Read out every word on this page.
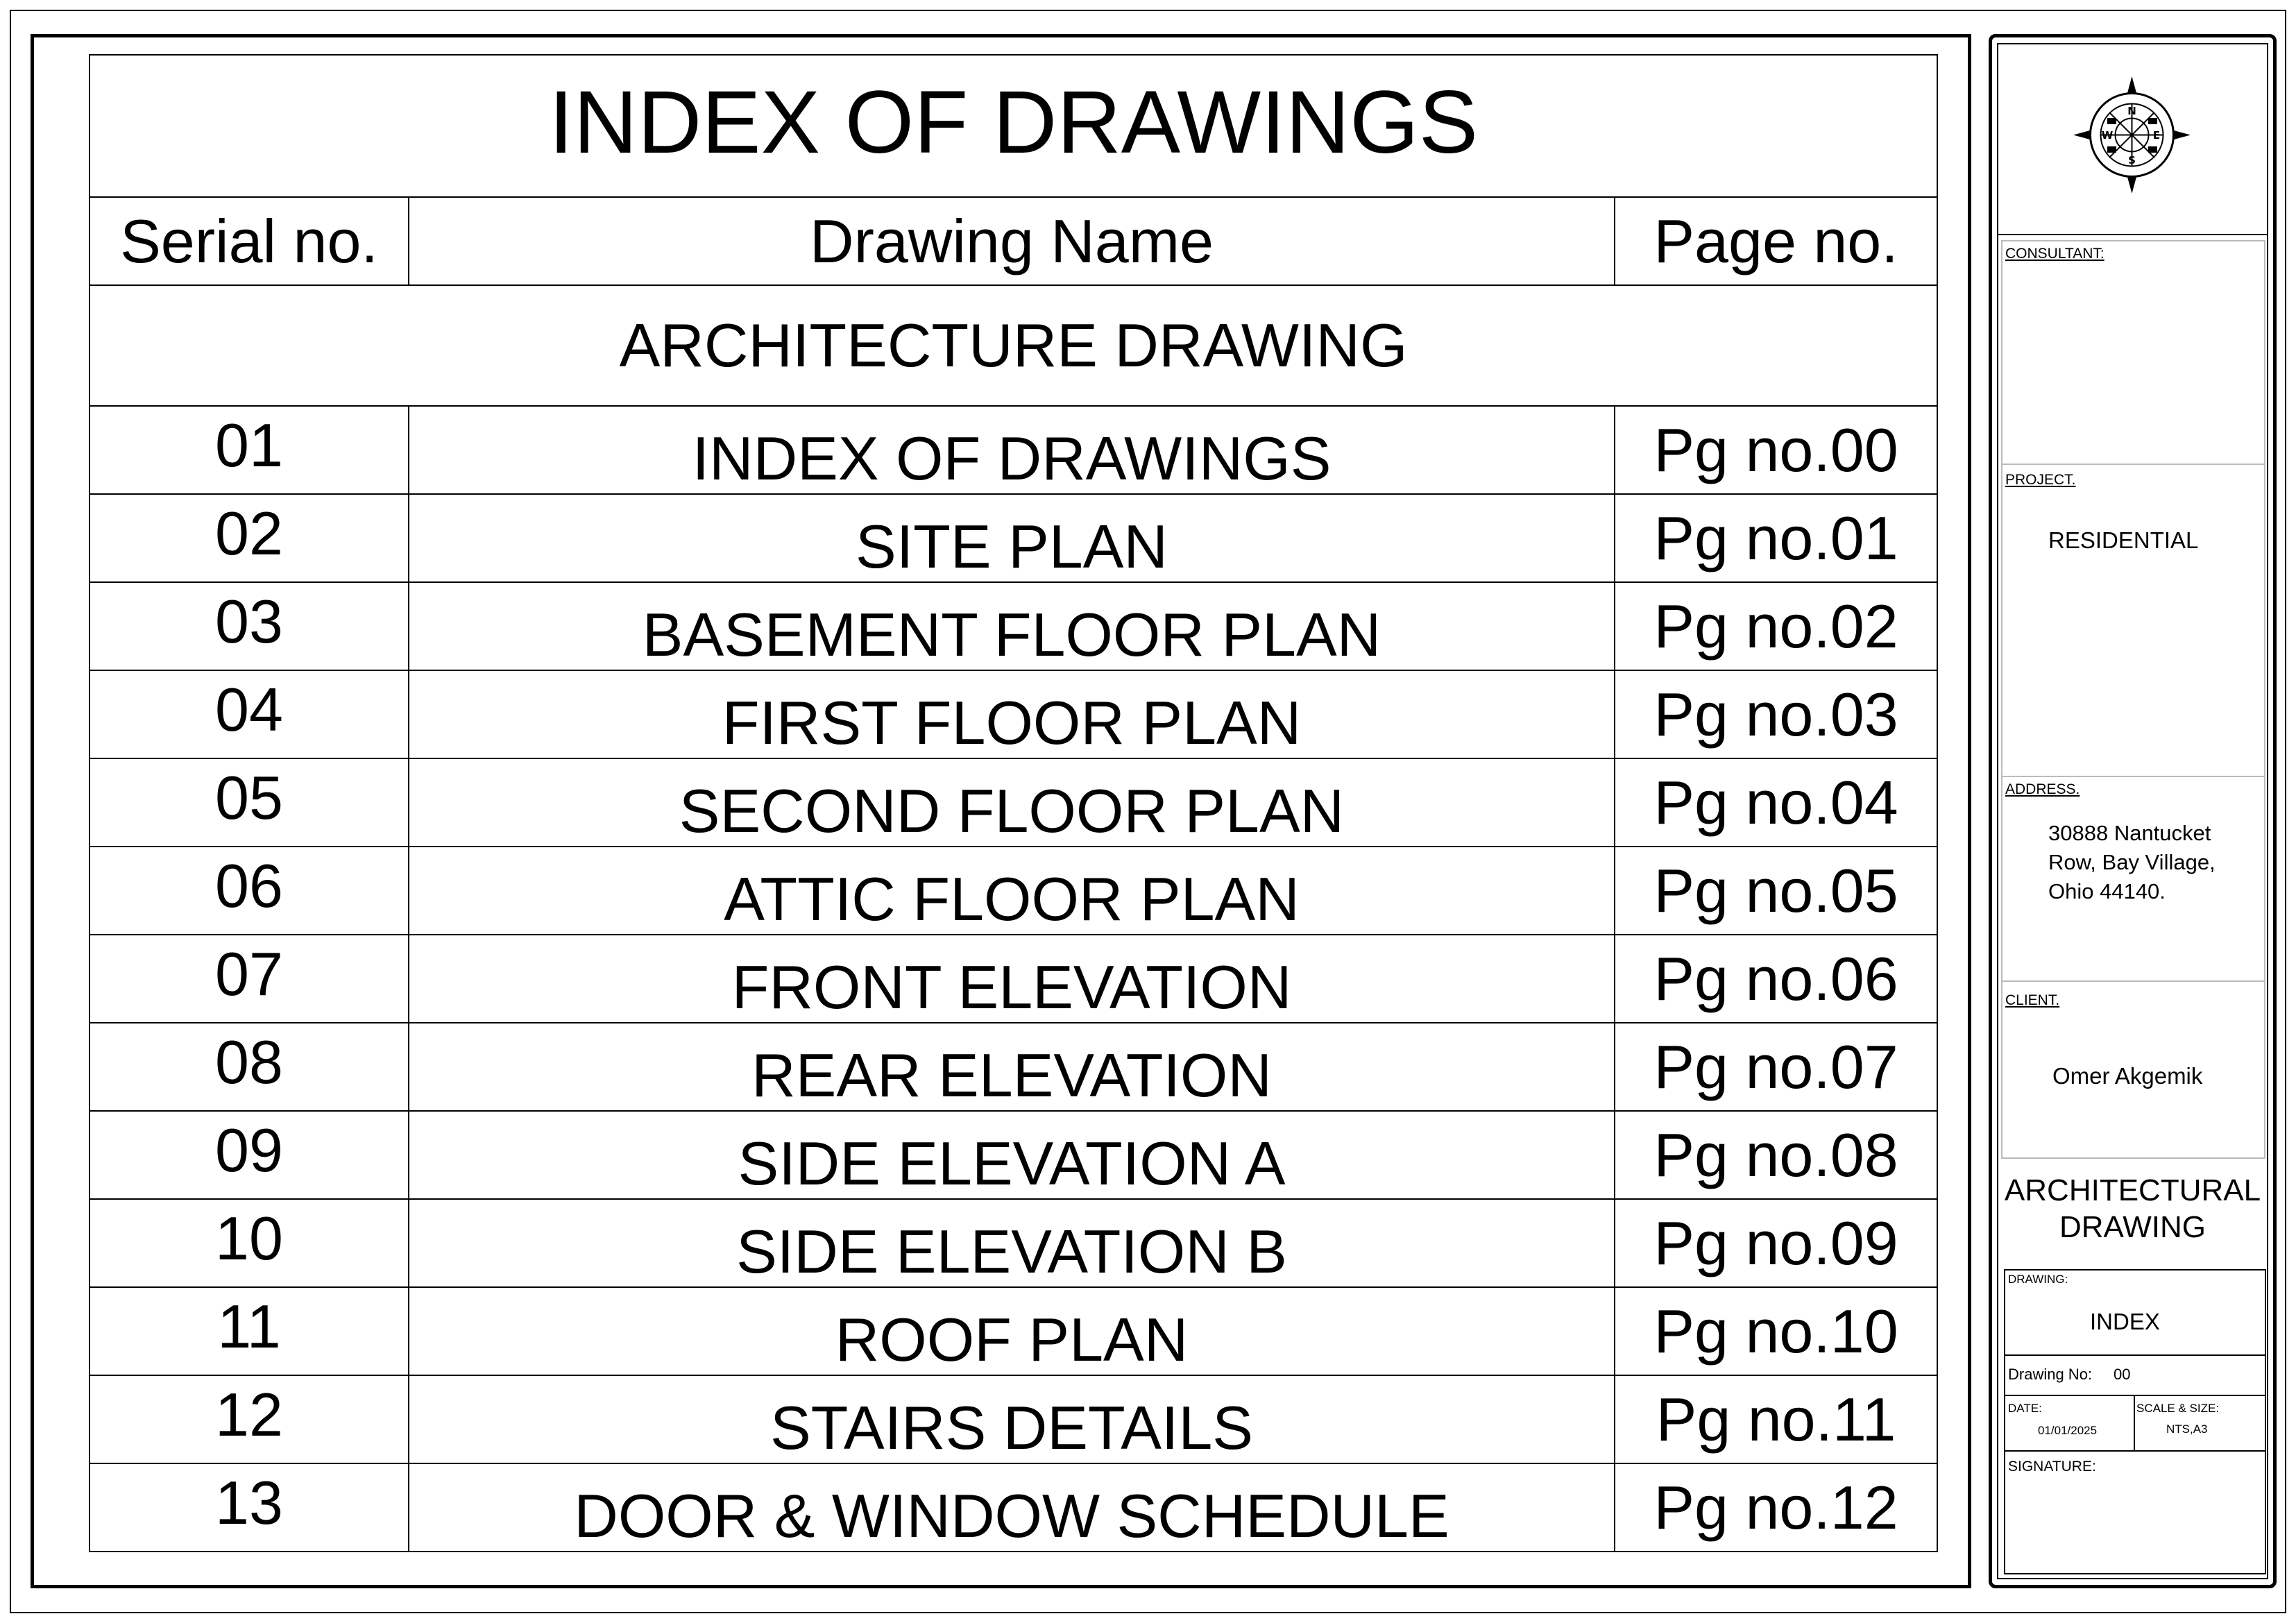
INDEX OF DRAWINGS		
Serial no.	Drawing Name	Page no.
ARCHITECTURE DRAWING		
01	INDEX OF DRAWINGS	Pg no.00
02	SITE PLAN	Pg no.01
03	BASEMENT FLOOR PLAN	Pg no.02
04	FIRST FLOOR PLAN	Pg no.03
05	SECOND FLOOR PLAN	Pg no.04
06	ATTIC FLOOR PLAN	Pg no.05
07	FRONT ELEVATION	Pg no.06
08	REAR ELEVATION	Pg no.07
09	SIDE ELEVATION A	Pg no.08
10	SIDE ELEVATION B	Pg no.09
11	ROOF PLAN	Pg no.10
12	STAIRS DETAILS	Pg no.11
13	DOOR & WINDOW SCHEDULE	Pg no.12
N
S
E
W
CONSULTANT:
PROJECT.
RESIDENTIAL
ADDRESS.
30888 Nantucket
Row, Bay Village,
Ohio 44140.
CLIENT.
Omer Akgemik
ARCHITECTURAL
DRAWING
DRAWING:
INDEX
Drawing No: 00
DATE:
01/01/2025
SCALE & SIZE:
NTS,A3
SIGNATURE:
